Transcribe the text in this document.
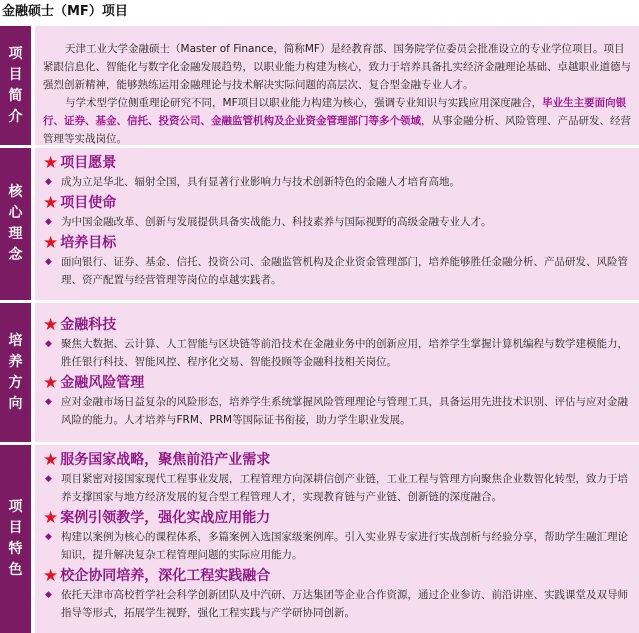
金融硕士（MF）项目
项
目
简
介
天津工业大学金融硕士（Master of Finance，简称MF）是经教育部、国务院学位委员会批准设立的专业学位项目。项目紧跟信息化、智能化与数字化金融发展趋势，以职业能力构建为核心，致力于培养具备扎实经济金融理论基础、卓越职业道德与强烈创新精神，能够熟练运用金融理论与技术解决实际问题的高层次、复合型金融专业人才。
与学术型学位侧重理论研究不同，MF项目以职业能力构建为核心，强调专业知识与实践应用深度融合，毕业生主要面向银行、证券、基金、信托、投资公司、金融监管机构及企业资金管理部门等多个领域，从事金融分析、风险管理、产品研发、经营管理等实战岗位。
核
心
理
念
★ 项目愿景
◆ 成为立足华北、辐射全国，具有显著行业影响力与技术创新特色的金融人才培育高地。
★ 项目使命
◆ 为中国金融改革、创新与发展提供具备实战能力、科技素养与国际视野的高级金融专业人才。
★ 培养目标
◆ 面向银行、证券、基金、信托、投资公司、金融监管机构及企业资金管理部门，培养能够胜任金融分析、产品研发、风险管理、资产配置与经营管理等岗位的卓越实践者。
培
养
方
向
★ 金融科技
◆ 聚焦大数据、云计算、人工智能与区块链等前沿技术在金融业务中的创新应用，培养学生掌握计算机编程与数学建模能力，胜任银行科技、智能风控、程序化交易、智能投顾等金融科技相关岗位。
★ 金融风险管理
◆ 应对金融市场日益复杂的风险形态，培养学生系统掌握风险管理理论与管理工具，具备运用先进技术识别、评估与应对金融风险的能力。人才培养与FRM、PRM等国际证书衔接，助力学生职业发展。
项
目
特
色
★ 服务国家战略，聚焦前沿产业需求
◆ 项目紧密对接国家现代工程事业发展，工程管理方向深耕信创产业链，工业工程与管理方向聚焦企业数智化转型，致力于培养支撑国家与地方经济发展的复合型工程管理人才，实现教育链与产业链、创新链的深度融合。
★ 案例引领教学，强化实战应用能力
◆ 构建以案例为核心的课程体系，多篇案例入选国家级案例库。引入实业界专家进行实战剖析与经验分享，帮助学生融汇理论知识，提升解决复杂工程管理问题的实际应用能力。
★ 校企协同培养，深化工程实践融合
◆ 依托天津市高校哲学社会科学创新团队及中汽研、万达集团等企业合作资源，通过企业参访、前沿讲座、实践课堂及双导师指导等形式，拓展学生视野，强化工程实践与产学研协同创新。
